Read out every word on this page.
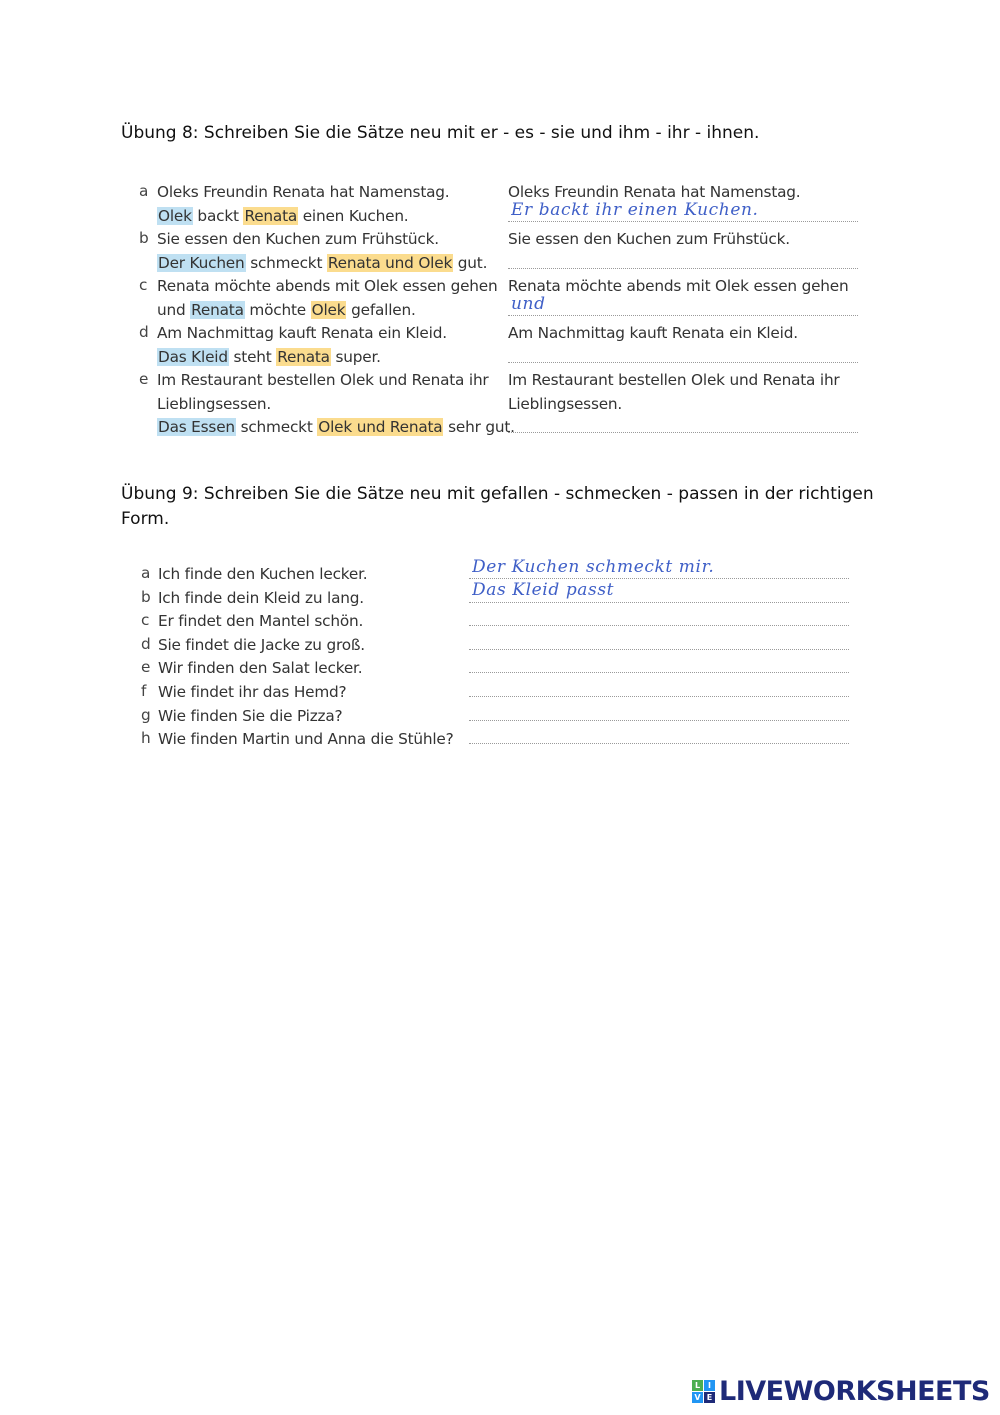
Übung 8: Schreiben Sie die Sätze neu mit er - es - sie und ihm - ihr - ihnen.
a Oleks Freundin Renata hat Namenstag.
Olek backt Renata einen Kuchen.
Oleks Freundin Renata hat Namenstag.
Er backt ihr einen Kuchen.
b Sie essen den Kuchen zum Frühstück.
Der Kuchen schmeckt Renata und Olek gut.
Sie essen den Kuchen zum Frühstück.
c Renata möchte abends mit Olek essen gehen
und Renata möchte Olek gefallen.
Renata möchte abends mit Olek essen gehen
und
d Am Nachmittag kauft Renata ein Kleid.
Das Kleid steht Renata super.
Am Nachmittag kauft Renata ein Kleid.
e Im Restaurant bestellen Olek und Renata ihr
Lieblingsessen.
Das Essen schmeckt Olek und Renata sehr gut.
Im Restaurant bestellen Olek und Renata ihr
Lieblingsessen.
Übung 9: Schreiben Sie die Sätze neu mit gefallen - schmecken - passen in der richtigen Form.
a Ich finde den Kuchen lecker.
Der Kuchen schmeckt mir.
b Ich finde dein Kleid zu lang.
Das Kleid passt
c Er findet den Mantel schön.
d Sie findet die Jacke zu groß.
e Wir finden den Salat lecker.
f Wie findet ihr das Hemd?
g Wie finden Sie die Pizza?
h Wie finden Martin und Anna die Stühle?
L I
V E LIVEWORKSHEETS
